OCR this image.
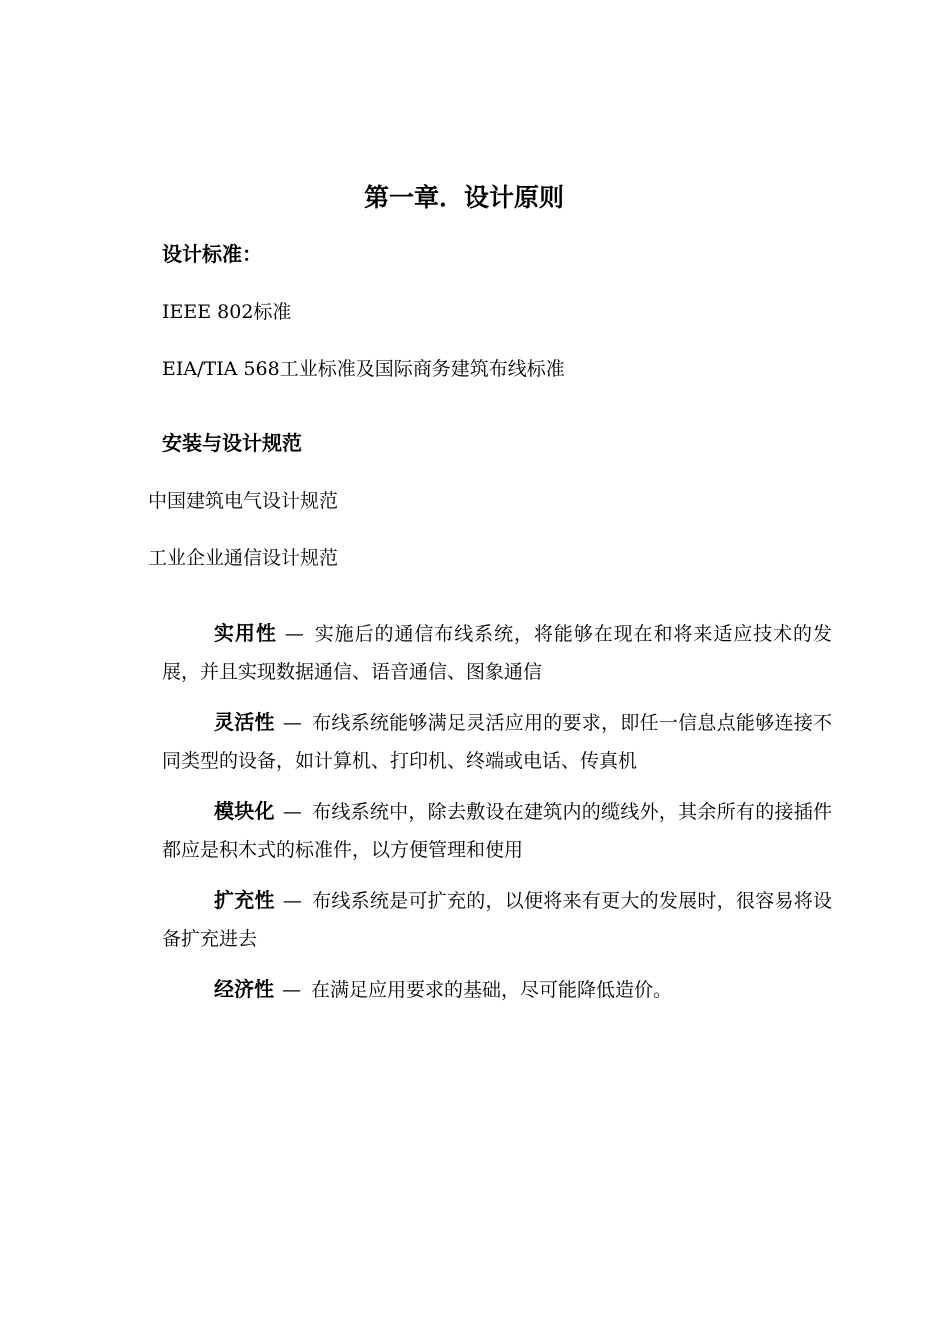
第一章．设计原则
设计标准：

IEEE 802标准

EIA/TIA 568工业标准及国际商务建筑布线标准

安装与设计规范

中国建筑电气设计规范

工业企业通信设计规范

实用性 — 实施后的通信布线系统，将能够在现在和将来适应技术的发展，并且实现数据通信、语音通信、图象通信

灵活性 — 布线系统能够满足灵活应用的要求，即任一信息点能够连接不同类型的设备，如计算机、打印机、终端或电话、传真机

模块化 — 布线系统中，除去敷设在建筑内的缆线外，其余所有的接插件都应是积木式的标准件，以方便管理和使用

扩充性 — 布线系统是可扩充的，以便将来有更大的发展时，很容易将设备扩充进去

经济性 — 在满足应用要求的基础，尽可能降低造价。
